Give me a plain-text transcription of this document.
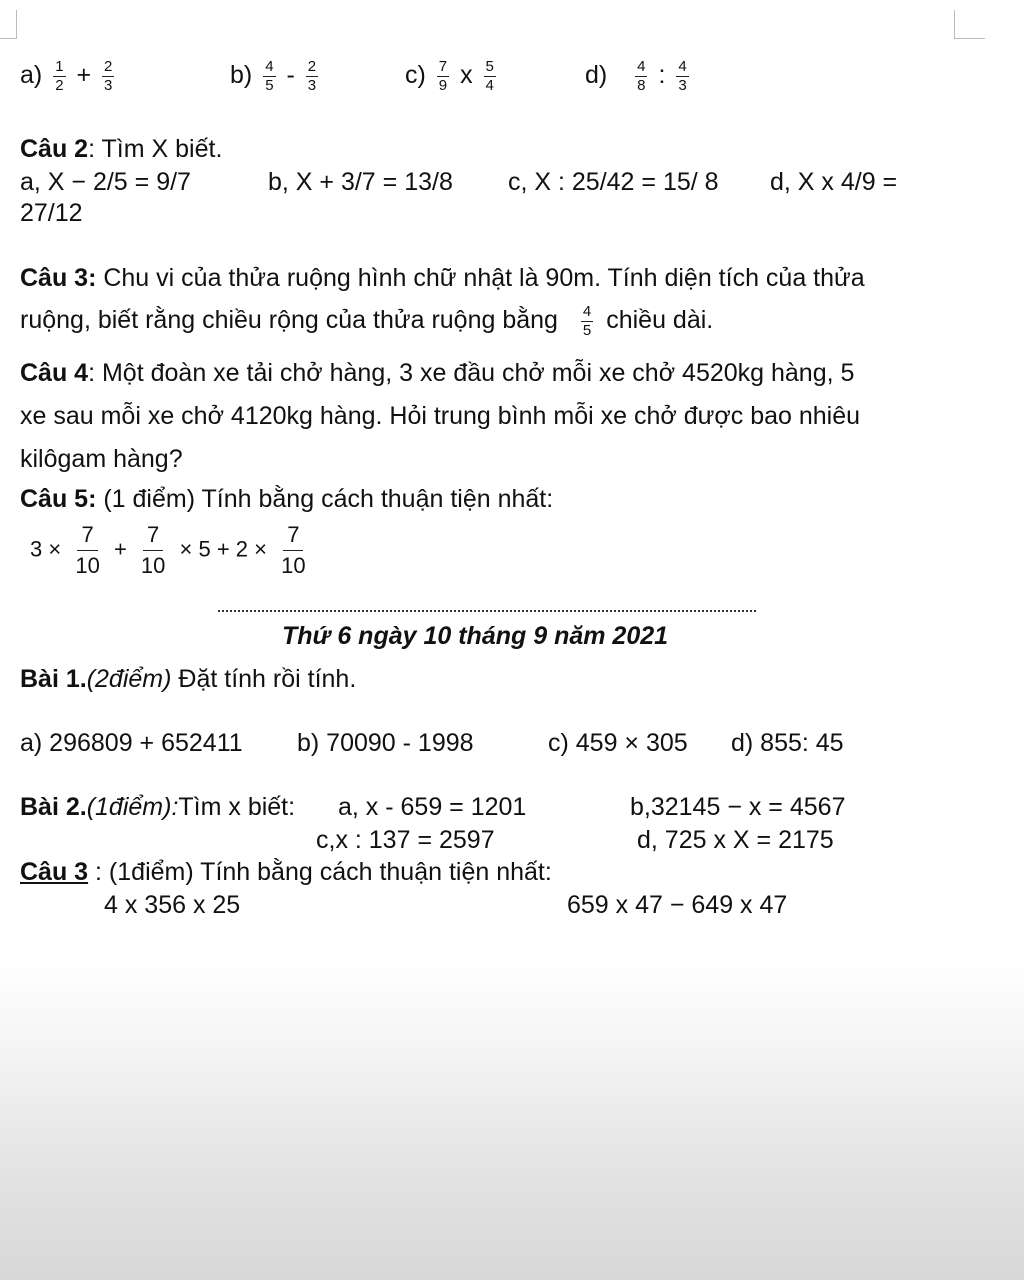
$a) \frac{1}{2} + \frac{2}{3}$	$b) \frac{4}{5} - \frac{2}{3}$	$c) \frac{7}{9}$ x $\frac{5}{4}$	$d) \frac{4}{8}$ : $\frac{4}{3}$
Câu 2: Tìm X biết.
a, X − 2/5 = 9/7	b, X + 3/7 = 13/8 c, X : 25/42 = 15/ 8 d, X x 4/9 =
27/12
Câu 3: Chu vi của thửa ruộng hình chữ nhật là 90m. Tính diện tích của thửa
ruộng, biết rằng chiều rộng của thửa ruộng bằng $\frac{4}{5}$ chiều dài.
Câu 4: Một đoàn xe tải chở hàng, 3 xe đầu chở mỗi xe chở 4520kg hàng, 5
xe sau mỗi xe chở 4120kg hàng. Hỏi trung bình mỗi xe chở được bao nhiêu
kilôgam hàng?
Câu 5: (1 điểm) Tính bằng cách thuận tiện nhất:
$3 \times \frac{7}{10} + \frac{7}{10} \times 5 + 2 \times \frac{7}{10}$
Thứ 6 ngày 10 tháng 9 năm 2021
Bài 1.(2điểm) Đặt tính rồi tính.
a) 296809 + 652411 b) 70090 - 1998	c) 459 × 305 d) 855: 45
Bài 2.(1điểm):Tìm x biết: a, x - 659 = 1201	b,32145 − x = 4567
c,x : 137 = 2597	d, 725 x X = 2175
Câu 3 : (1điểm) Tính bằng cách thuận tiện nhất:
4 x 356 x 25	659 x 47 − 649 x 47
